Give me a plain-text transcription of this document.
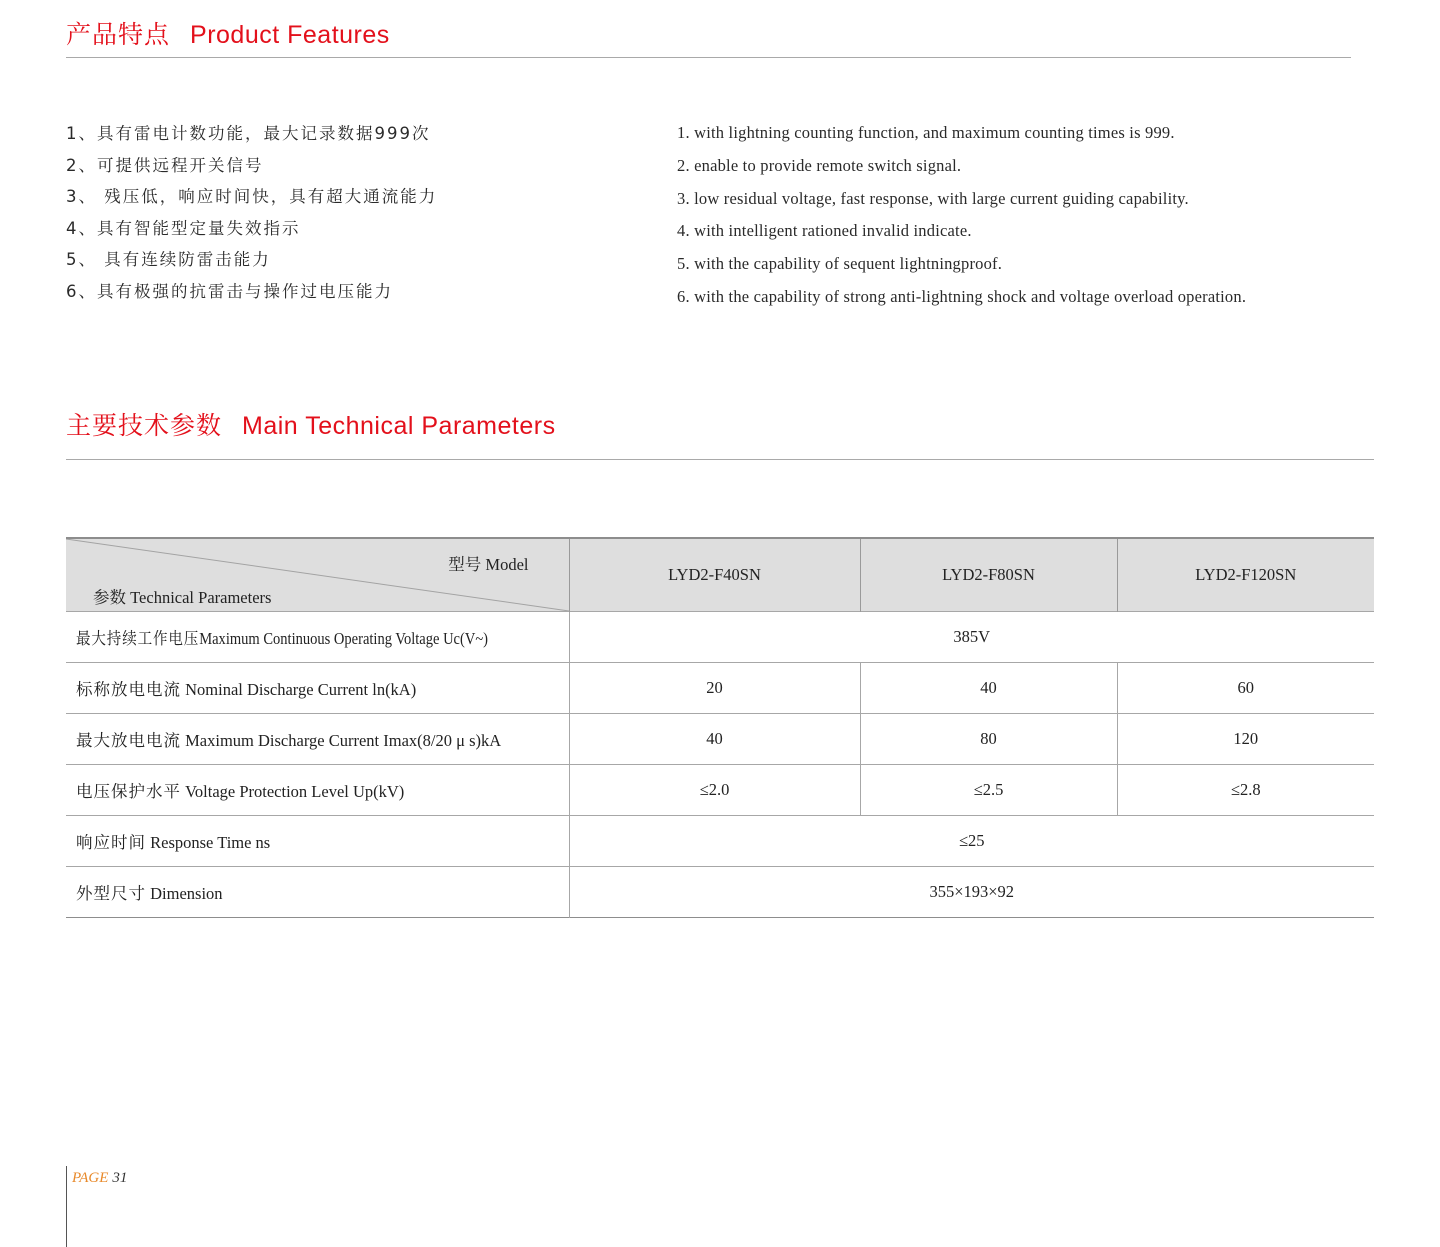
产品特点 Product Features
1、具有雷电计数功能，最大记录数据999次
2、可提供远程开关信号
3、 残压低，响应时间快，具有超大通流能力
4、具有智能型定量失效指示
5、 具有连续防雷击能力
6、具有极强的抗雷击与操作过电压能力
1. with lightning counting function, and maximum counting times is 999.
2. enable to provide remote switch signal.
3. low residual voltage, fast response, with large current guiding capability.
4. with intelligent rationed invalid indicate.
5. with the capability of sequent lightningproof.
6. with the capability of strong anti-lightning shock and voltage overload operation.
主要技术参数 Main Technical Parameters
型号 Model
参数 Technical Parameters	LYD2-F40SN	LYD2-F80SN	LYD2-F120SN
最大持续工作电压Maximum Continuous Operating Voltage Uc(V~)	385V		
标称放电电流 Nominal Discharge Current ln(kA)	20	40	60
最大放电电流 Maximum Discharge Current Imax(8/20 μ s)kA	40	80	120
电压保护水平 Voltage Protection Level Up(kV)	≤2.0	≤2.5	≤2.8
响应时间 Response Time ns	≤25		
外型尺寸 Dimension	355×193×92		
PAGE 31
